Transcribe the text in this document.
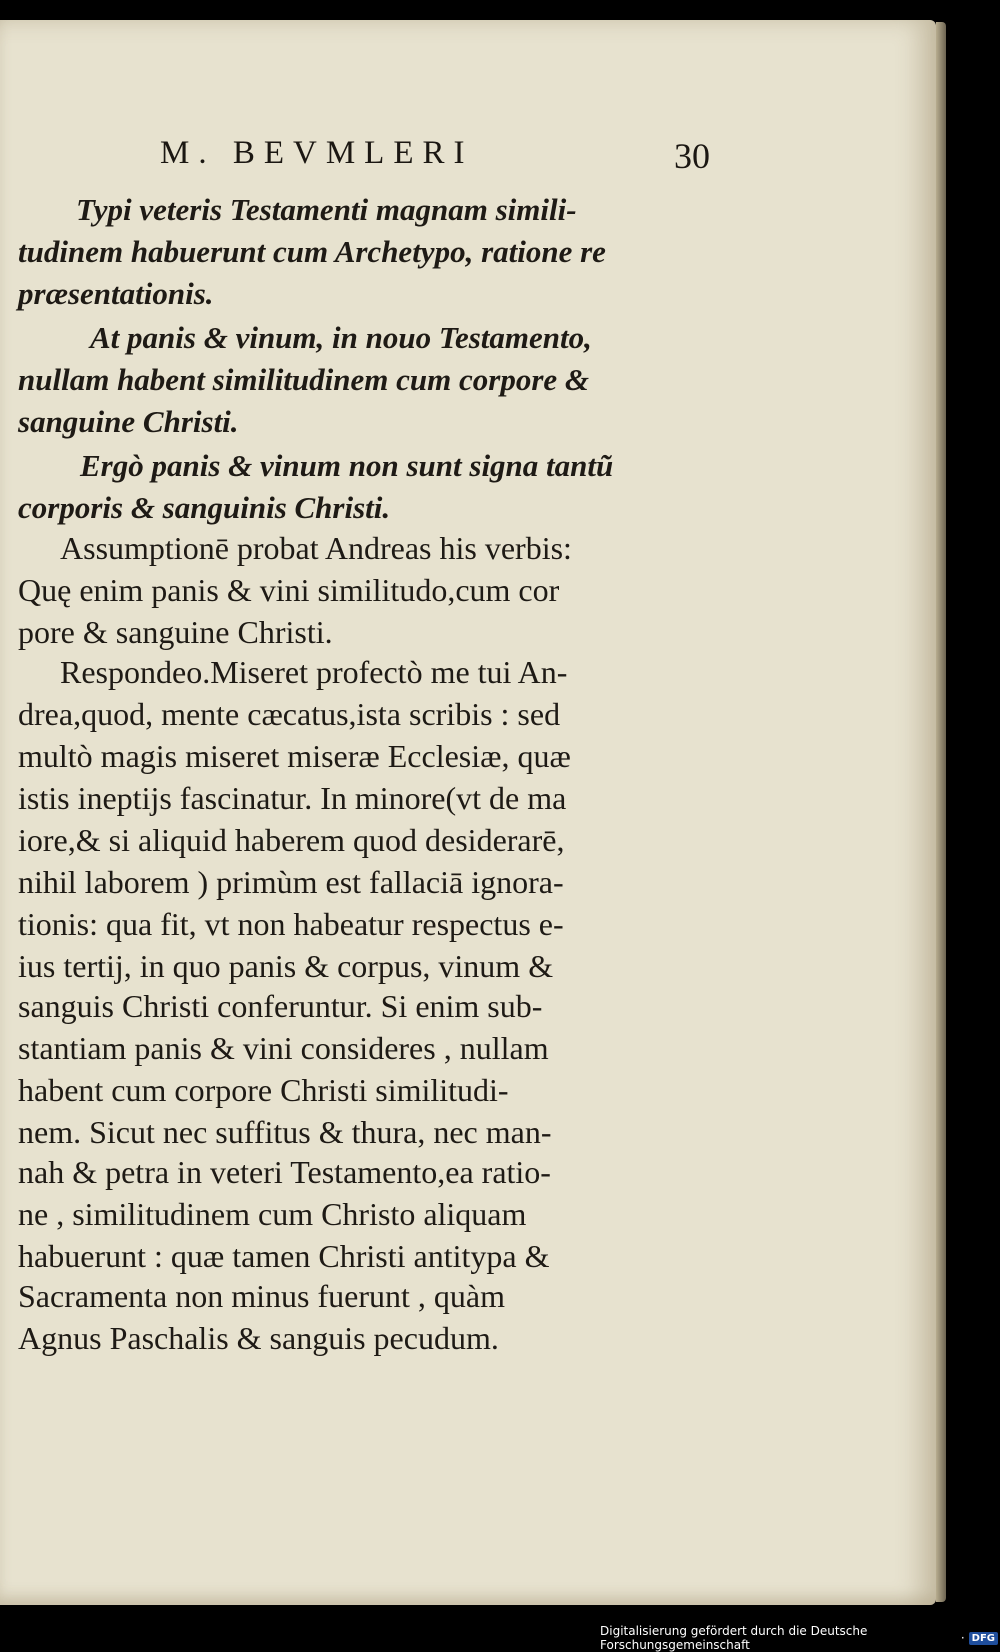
M. BEVMLERI	30
Typi veteris Testamenti magnam simili-
tudinem habuerunt cum Archetypo, ratione re
præsentationis.
At panis & vinum, in nouo Testamento,
nullam habent similitudinem cum corpore &
sanguine Christi.
Ergò panis & vinum non sunt signa tantũ
corporis & sanguinis Christi.
Assumptionē probat Andreas his verbis:
Quę enim panis & vini similitudo,cum cor
pore & sanguine Christi.
Respondeo.Miseret profectò me tui An-
drea,quod, mente cæcatus,ista scribis : sed
multò magis miseret miseræ Ecclesiæ, quæ
istis ineptijs fascinatur. In minore(vt de ma
iore,& si aliquid haberem quod desiderarē,
nihil laborem ) primùm est fallaciā ignora-
tionis: qua fit, vt non habeatur respectus e-
ius tertij, in quo panis & corpus, vinum &
sanguis Christi conferuntur. Si enim sub-
stantiam panis & vini consideres , nullam
habent cum corpore Christi similitudi-
nem. Sicut nec suffitus & thura, nec man-
nah & petra in veteri Testamento,ea ratio-
ne , similitudinem cum Christo aliquam
habuerunt : quæ tamen Christi antitypa &
Sacramenta non minus fuerunt , quàm
Agnus Paschalis & sanguis pecudum.
Digitalisierung gefördert durch die Deutsche Forschungsgemeinschaft	· DFG
